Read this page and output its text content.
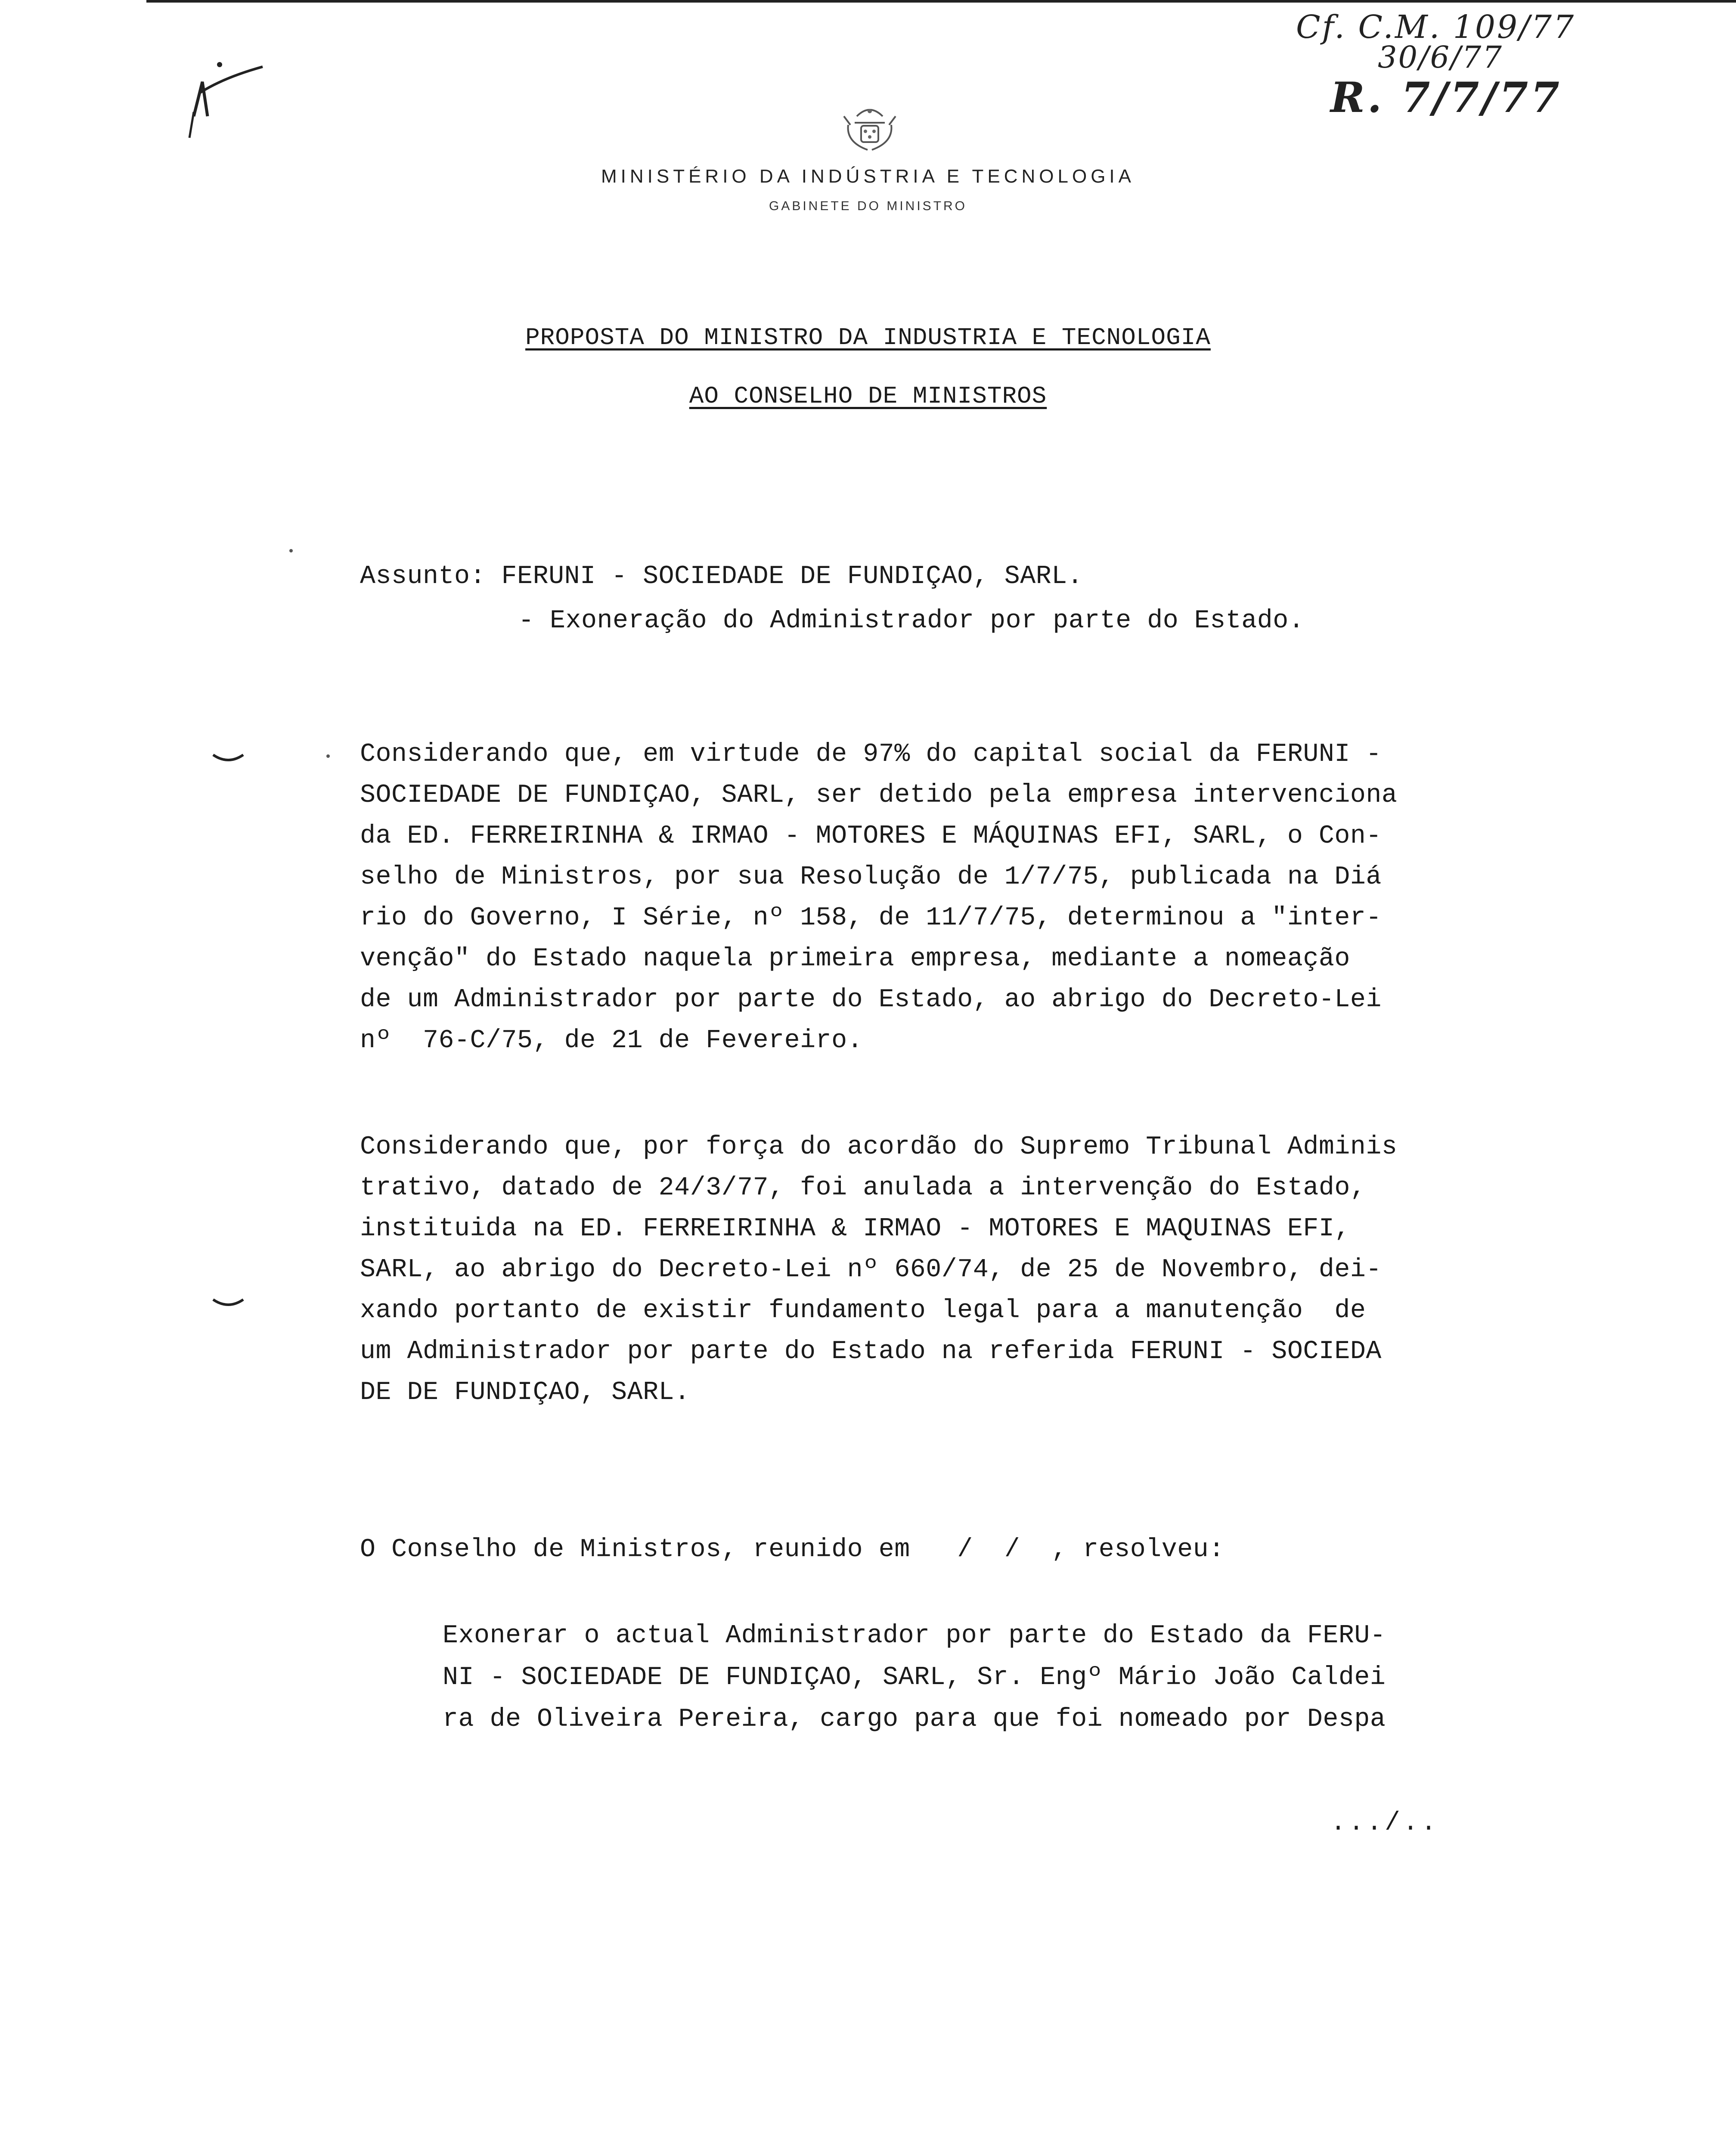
Cf. C.M. 109/77
30/6/77
R. 7/7/77
MINISTÉRIO DA INDÚSTRIA E TECNOLOGIA
GABINETE DO MINISTRO
PROPOSTA DO MINISTRO DA INDUSTRIA E TECNOLOGIA
AO CONSELHO DE MINISTROS
Assunto: FERUNI - SOCIEDADE DE FUNDIÇAO, SARL.
- Exoneração do Administrador por parte do Estado.
Considerando que, em virtude de 97% do capital social da FERUNI -
SOCIEDADE DE FUNDIÇAO, SARL, ser detido pela empresa intervenciona
da ED. FERREIRINHA & IRMAO - MOTORES E MÁQUINAS EFI, SARL, o Con-
selho de Ministros, por sua Resolução de 1/7/75, publicada na Diá
rio do Governo, I Série, nº 158, de 11/7/75, determinou a "inter-
venção" do Estado naquela primeira empresa, mediante a nomeação
de um Administrador por parte do Estado, ao abrigo do Decreto-Lei
nº  76-C/75, de 21 de Fevereiro.
Considerando que, por força do acordão do Supremo Tribunal Adminis
trativo, datado de 24/3/77, foi anulada a intervenção do Estado,
instituida na ED. FERREIRINHA & IRMAO - MOTORES E MAQUINAS EFI,
SARL, ao abrigo do Decreto-Lei nº 660/74, de 25 de Novembro, dei-
xando portanto de existir fundamento legal para a manutenção  de
um Administrador por parte do Estado na referida FERUNI - SOCIEDA
DE DE FUNDIÇAO, SARL.
O Conselho de Ministros, reunido em   /  /  , resolveu:
Exonerar o actual Administrador por parte do Estado da FERU-
NI - SOCIEDADE DE FUNDIÇAO, SARL, Sr. Engº Mário João Caldei
ra de Oliveira Pereira, cargo para que foi nomeado por Despa
.../..
